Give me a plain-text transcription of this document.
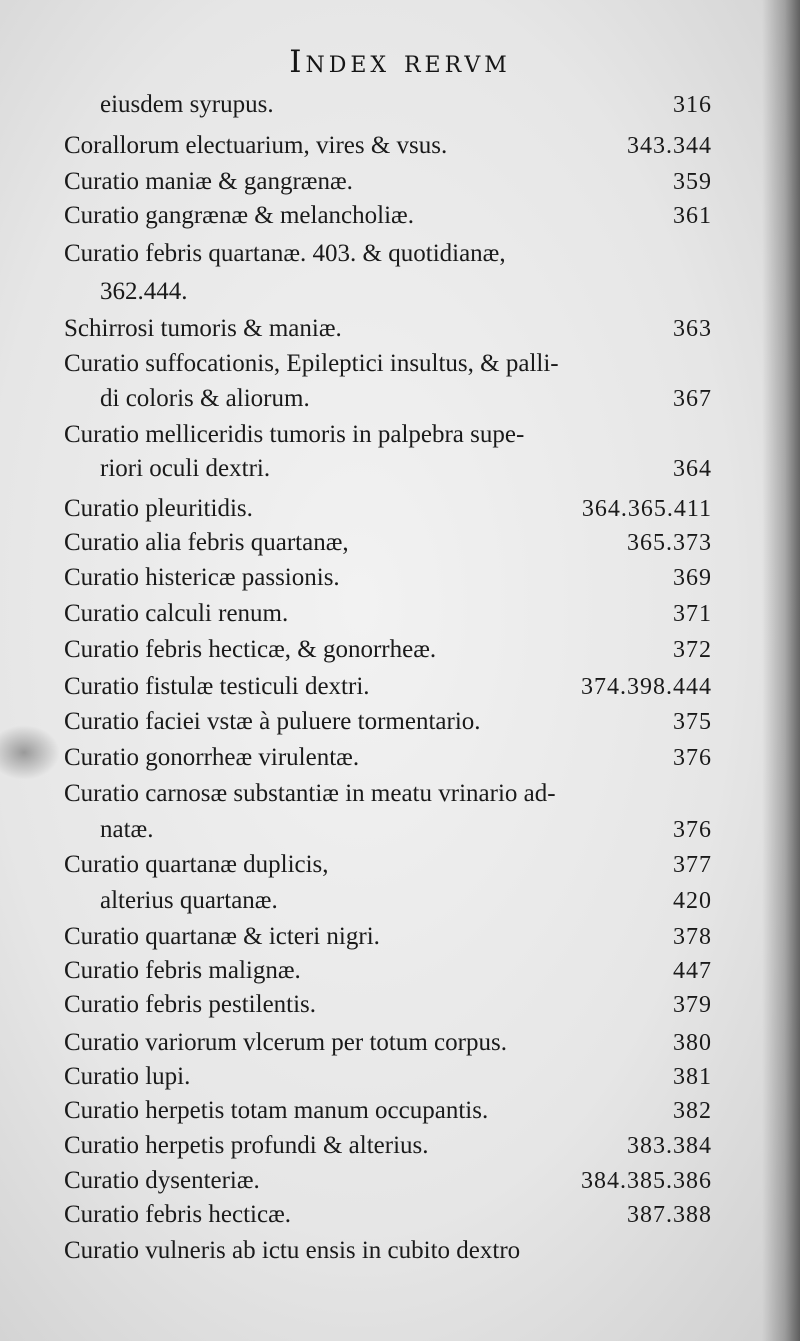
Index rervm
eiusdem syrupus.	316
Corallorum electuarium, vires & vsus.	343.344
Curatio maniæ & gangrænæ.	359
Curatio gangrænæ & melancholiæ.	361
Curatio febris quartanæ. 403. & quotidianæ,
362.444.
Schirrosi tumoris & maniæ.	363
Curatio suffocationis, Epileptici insultus, & palli-
di coloris & aliorum.	367
Curatio melliceridis tumoris in palpebra supe-
riori oculi dextri.	364
Curatio pleuritidis.	364.365.411
Curatio alia febris quartanæ,	365.373
Curatio histericæ passionis.	369
Curatio calculi renum.	371
Curatio febris hecticæ, & gonorrheæ.	372
Curatio fistulæ testiculi dextri.	374.398.444
Curatio faciei vstæ à puluere tormentario.	375
Curatio gonorrheæ virulentæ.	376
Curatio carnosæ substantiæ in meatu vrinario ad-
natæ.	376
Curatio quartanæ duplicis,	377
alterius quartanæ.	420
Curatio quartanæ & icteri nigri.	378
Curatio febris malignæ.	447
Curatio febris pestilentis.	379
Curatio variorum vlcerum per totum corpus.	380
Curatio lupi.	381
Curatio herpetis totam manum occupantis.	382
Curatio herpetis profundi & alterius.	383.384
Curatio dysenteriæ.	384.385.386
Curatio febris hecticæ.	387.388
Curatio vulneris ab ictu ensis in cubito dextro
